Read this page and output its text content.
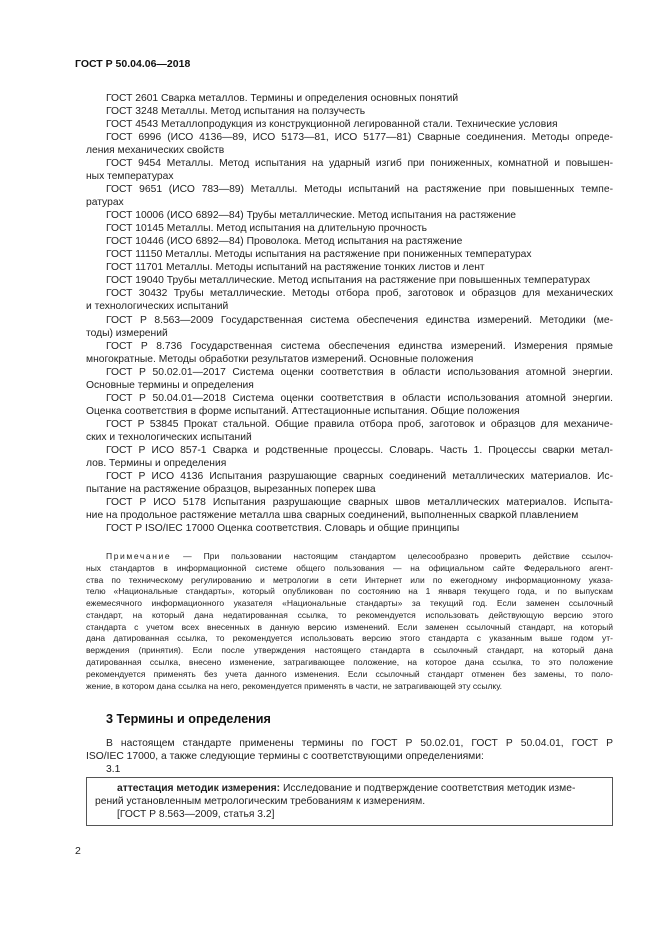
ГОСТ Р 50.04.06—2018
ГОСТ 2601 Сварка металлов. Термины и определения основных понятий
ГОСТ 3248 Металлы. Метод испытания на ползучесть
ГОСТ 4543 Металлопродукция из конструкционной легированной стали. Технические условия
ГОСТ 6996 (ИСО 4136—89, ИСО 5173—81, ИСО 5177—81) Сварные соединения. Методы опреде-
ления механических свойств
ГОСТ 9454 Металлы. Метод испытания на ударный изгиб при пониженных, комнатной и повышен-
ных температурах
ГОСТ 9651 (ИСО 783—89) Металлы. Методы испытаний на растяжение при повышенных темпе-
ратурах
ГОСТ 10006 (ИСО 6892—84) Трубы металлические. Метод испытания на растяжение
ГОСТ 10145 Металлы. Метод испытания на длительную прочность
ГОСТ 10446 (ИСО 6892—84) Проволока. Метод испытания на растяжение
ГОСТ 11150 Металлы. Методы испытания на растяжение при пониженных температурах
ГОСТ 11701 Металлы. Методы испытаний на растяжение тонких листов и лент
ГОСТ 19040 Трубы металлические. Метод испытания на растяжение при повышенных температурах
ГОСТ 30432 Трубы металлические. Методы отбора проб, заготовок и образцов для механических
и технологических испытаний
ГОСТ Р 8.563—2009 Государственная система обеспечения единства измерений. Методики (ме-
тоды) измерений
ГОСТ Р 8.736 Государственная система обеспечения единства измерений. Измерения прямые
многократные. Методы обработки результатов измерений. Основные положения
ГОСТ Р 50.02.01—2017 Система оценки соответствия в области использования атомной энергии.
Основные термины и определения
ГОСТ Р 50.04.01—2018 Система оценки соответствия в области использования атомной энергии.
Оценка соответствия в форме испытаний. Аттестационные испытания. Общие положения
ГОСТ Р 53845 Прокат стальной. Общие правила отбора проб, заготовок и образцов для механиче-
ских и технологических испытаний
ГОСТ Р ИСО 857-1 Сварка и родственные процессы. Словарь. Часть 1. Процессы сварки метал-
лов. Термины и определения
ГОСТ Р ИСО 4136 Испытания разрушающие сварных соединений металлических материалов. Ис-
пытание на растяжение образцов, вырезанных поперек шва
ГОСТ Р ИСО 5178 Испытания разрушающие сварных швов металлических материалов. Испыта-
ние на продольное растяжение металла шва сварных соединений, выполненных сваркой плавлением
ГОСТ Р ISO/IEC 17000 Оценка соответствия. Словарь и общие принципы
Примечание — При пользовании настоящим стандартом целесообразно проверить действие ссылоч-
ных стандартов в информационной системе общего пользования — на официальном сайте Федерального агент-
ства по техническому регулированию и метрологии в сети Интернет или по ежегодному информационному указа-
телю «Национальные стандарты», который опубликован по состоянию на 1 января текущего года, и по выпускам
ежемесячного информационного указателя «Национальные стандарты» за текущий год. Если заменен ссылочный
стандарт, на который дана недатированная ссылка, то рекомендуется использовать действующую версию этого
стандарта с учетом всех внесенных в данную версию изменений. Если заменен ссылочный стандарт, на который
дана датированная ссылка, то рекомендуется использовать версию этого стандарта с указанным выше годом ут-
верждения (принятия). Если после утверждения настоящего стандарта в ссылочный стандарт, на который дана
датированная ссылка, внесено изменение, затрагивающее положение, на которое дана ссылка, то это положение
рекомендуется применять без учета данного изменения. Если ссылочный стандарт отменен без замены, то поло-
жение, в котором дана ссылка на него, рекомендуется применять в части, не затрагивающей эту ссылку.
3 Термины и определения
В настоящем стандарте применены термины по ГОСТ Р 50.02.01, ГОСТ Р 50.04.01, ГОСТ Р
ISO/IEC 17000, а также следующие термины с соответствующими определениями:
3.1
аттестация методик измерения: Исследование и подтверждение соответствия методик изме-
рений установленным метрологическим требованиям к измерениям.
[ГОСТ Р 8.563—2009, статья 3.2]
2
